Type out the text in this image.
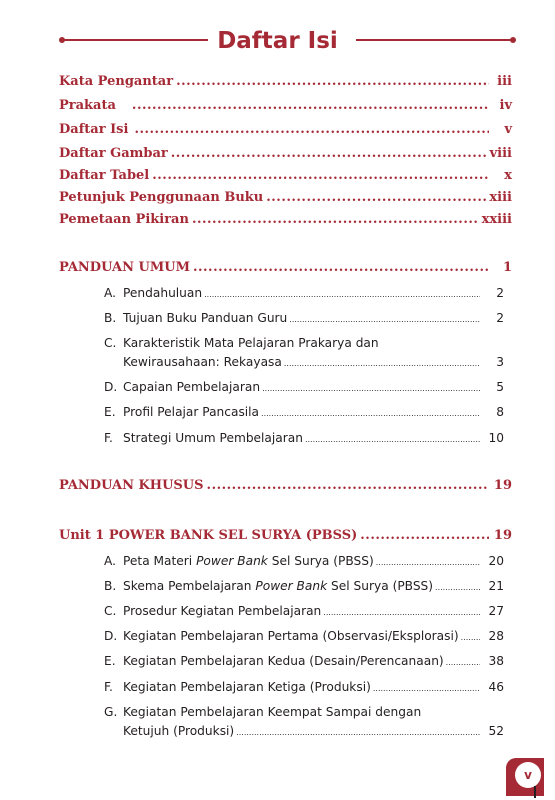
Daftar Isi
Kata Pengantar .....	iii
Prakata .....	iv
Daftar Isi .....	v
Daftar Gambar .....	viii
Daftar Tabel .....	x
Petunjuk Penggunaan Buku .....	xiii
Pemetaan Pikiran .....	xxiii
PANDUAN UMUM .....	1
A. Pendahuluan .....	2
B. Tujuan Buku Panduan Guru .....	2
C. Karakteristik Mata Pelajaran Prakarya dan
Kewirausahaan: Rekayasa .....	3
D. Capaian Pembelajaran .....	5
E. Profil Pelajar Pancasila .....	8
F. Strategi Umum Pembelajaran .....	10
PANDUAN KHUSUS .....	19
Unit 1 POWER BANK SEL SURYA (PBSS) .....	19
A. Peta Materi Power Bank Sel Surya (PBSS) .....	20
B. Skema Pembelajaran Power Bank Sel Surya (PBSS) .....	21
C. Prosedur Kegiatan Pembelajaran .....	27
D. Kegiatan Pembelajaran Pertama (Observasi/Eksplorasi) .....	28
E. Kegiatan Pembelajaran Kedua (Desain/Perencanaan) .....	38
F. Kegiatan Pembelajaran Ketiga (Produksi) .....	46
G. Kegiatan Pembelajaran Keempat Sampai dengan
Ketujuh (Produksi) .....	52
v
